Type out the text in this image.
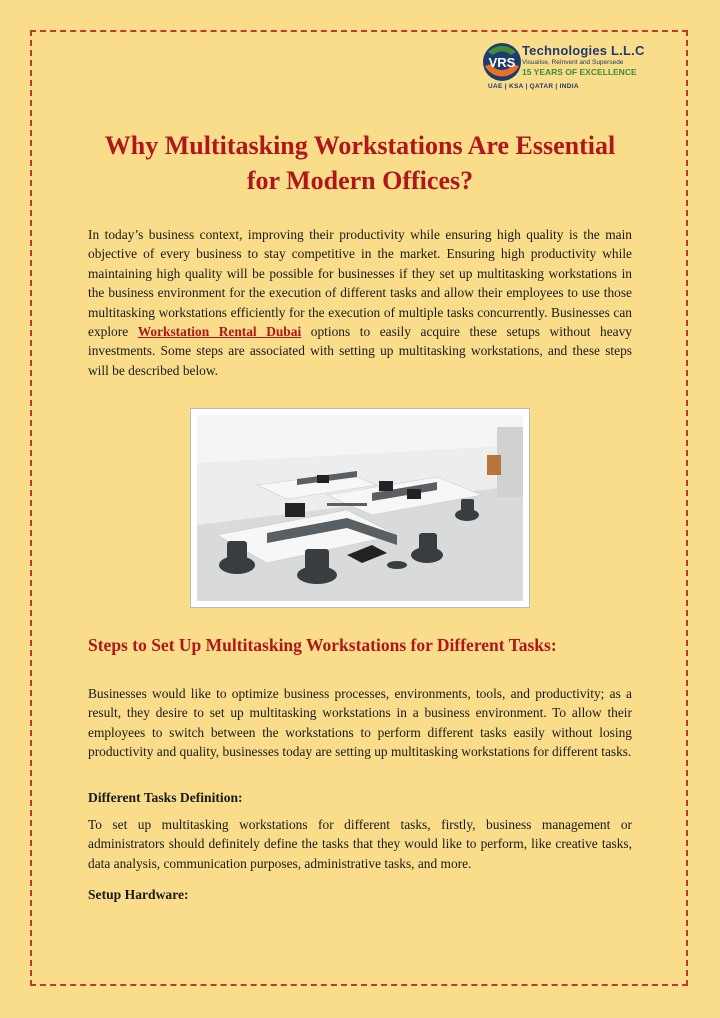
VRS
Technologies L.L.C
Visualise, ReInvent and Supersede
15 YEARS OF EXCELLENCE
UAE | KSA | QATAR | INDIA
Why Multitasking Workstations Are Essential for Modern Offices?

In today’s business context, improving their productivity while ensuring high quality is the main objective of every business to stay competitive in the market. Ensuring high productivity while maintaining high quality will be possible for businesses if they set up multitasking workstations in the business environment for the execution of different tasks and allow their employees to use those multitasking workstations efficiently for the execution of multiple tasks concurrently. Businesses can explore Workstation Rental Dubai options to easily acquire these setups without heavy investments. Some steps are associated with setting up multitasking workstations, and these steps will be described below.

Steps to Set Up Multitasking Workstations for Different Tasks:

Businesses would like to optimize business processes, environments, tools, and productivity; as a result, they desire to set up multitasking workstations in a business environment. To allow their employees to switch between the workstations to perform different tasks easily without losing productivity and quality, businesses today are setting up multitasking workstations for different tasks.

Different Tasks Definition:

To set up multitasking workstations for different tasks, firstly, business management or administrators should definitely define the tasks that they would like to perform, like creative tasks, data analysis, communication purposes, administrative tasks, and more.

Setup Hardware:
